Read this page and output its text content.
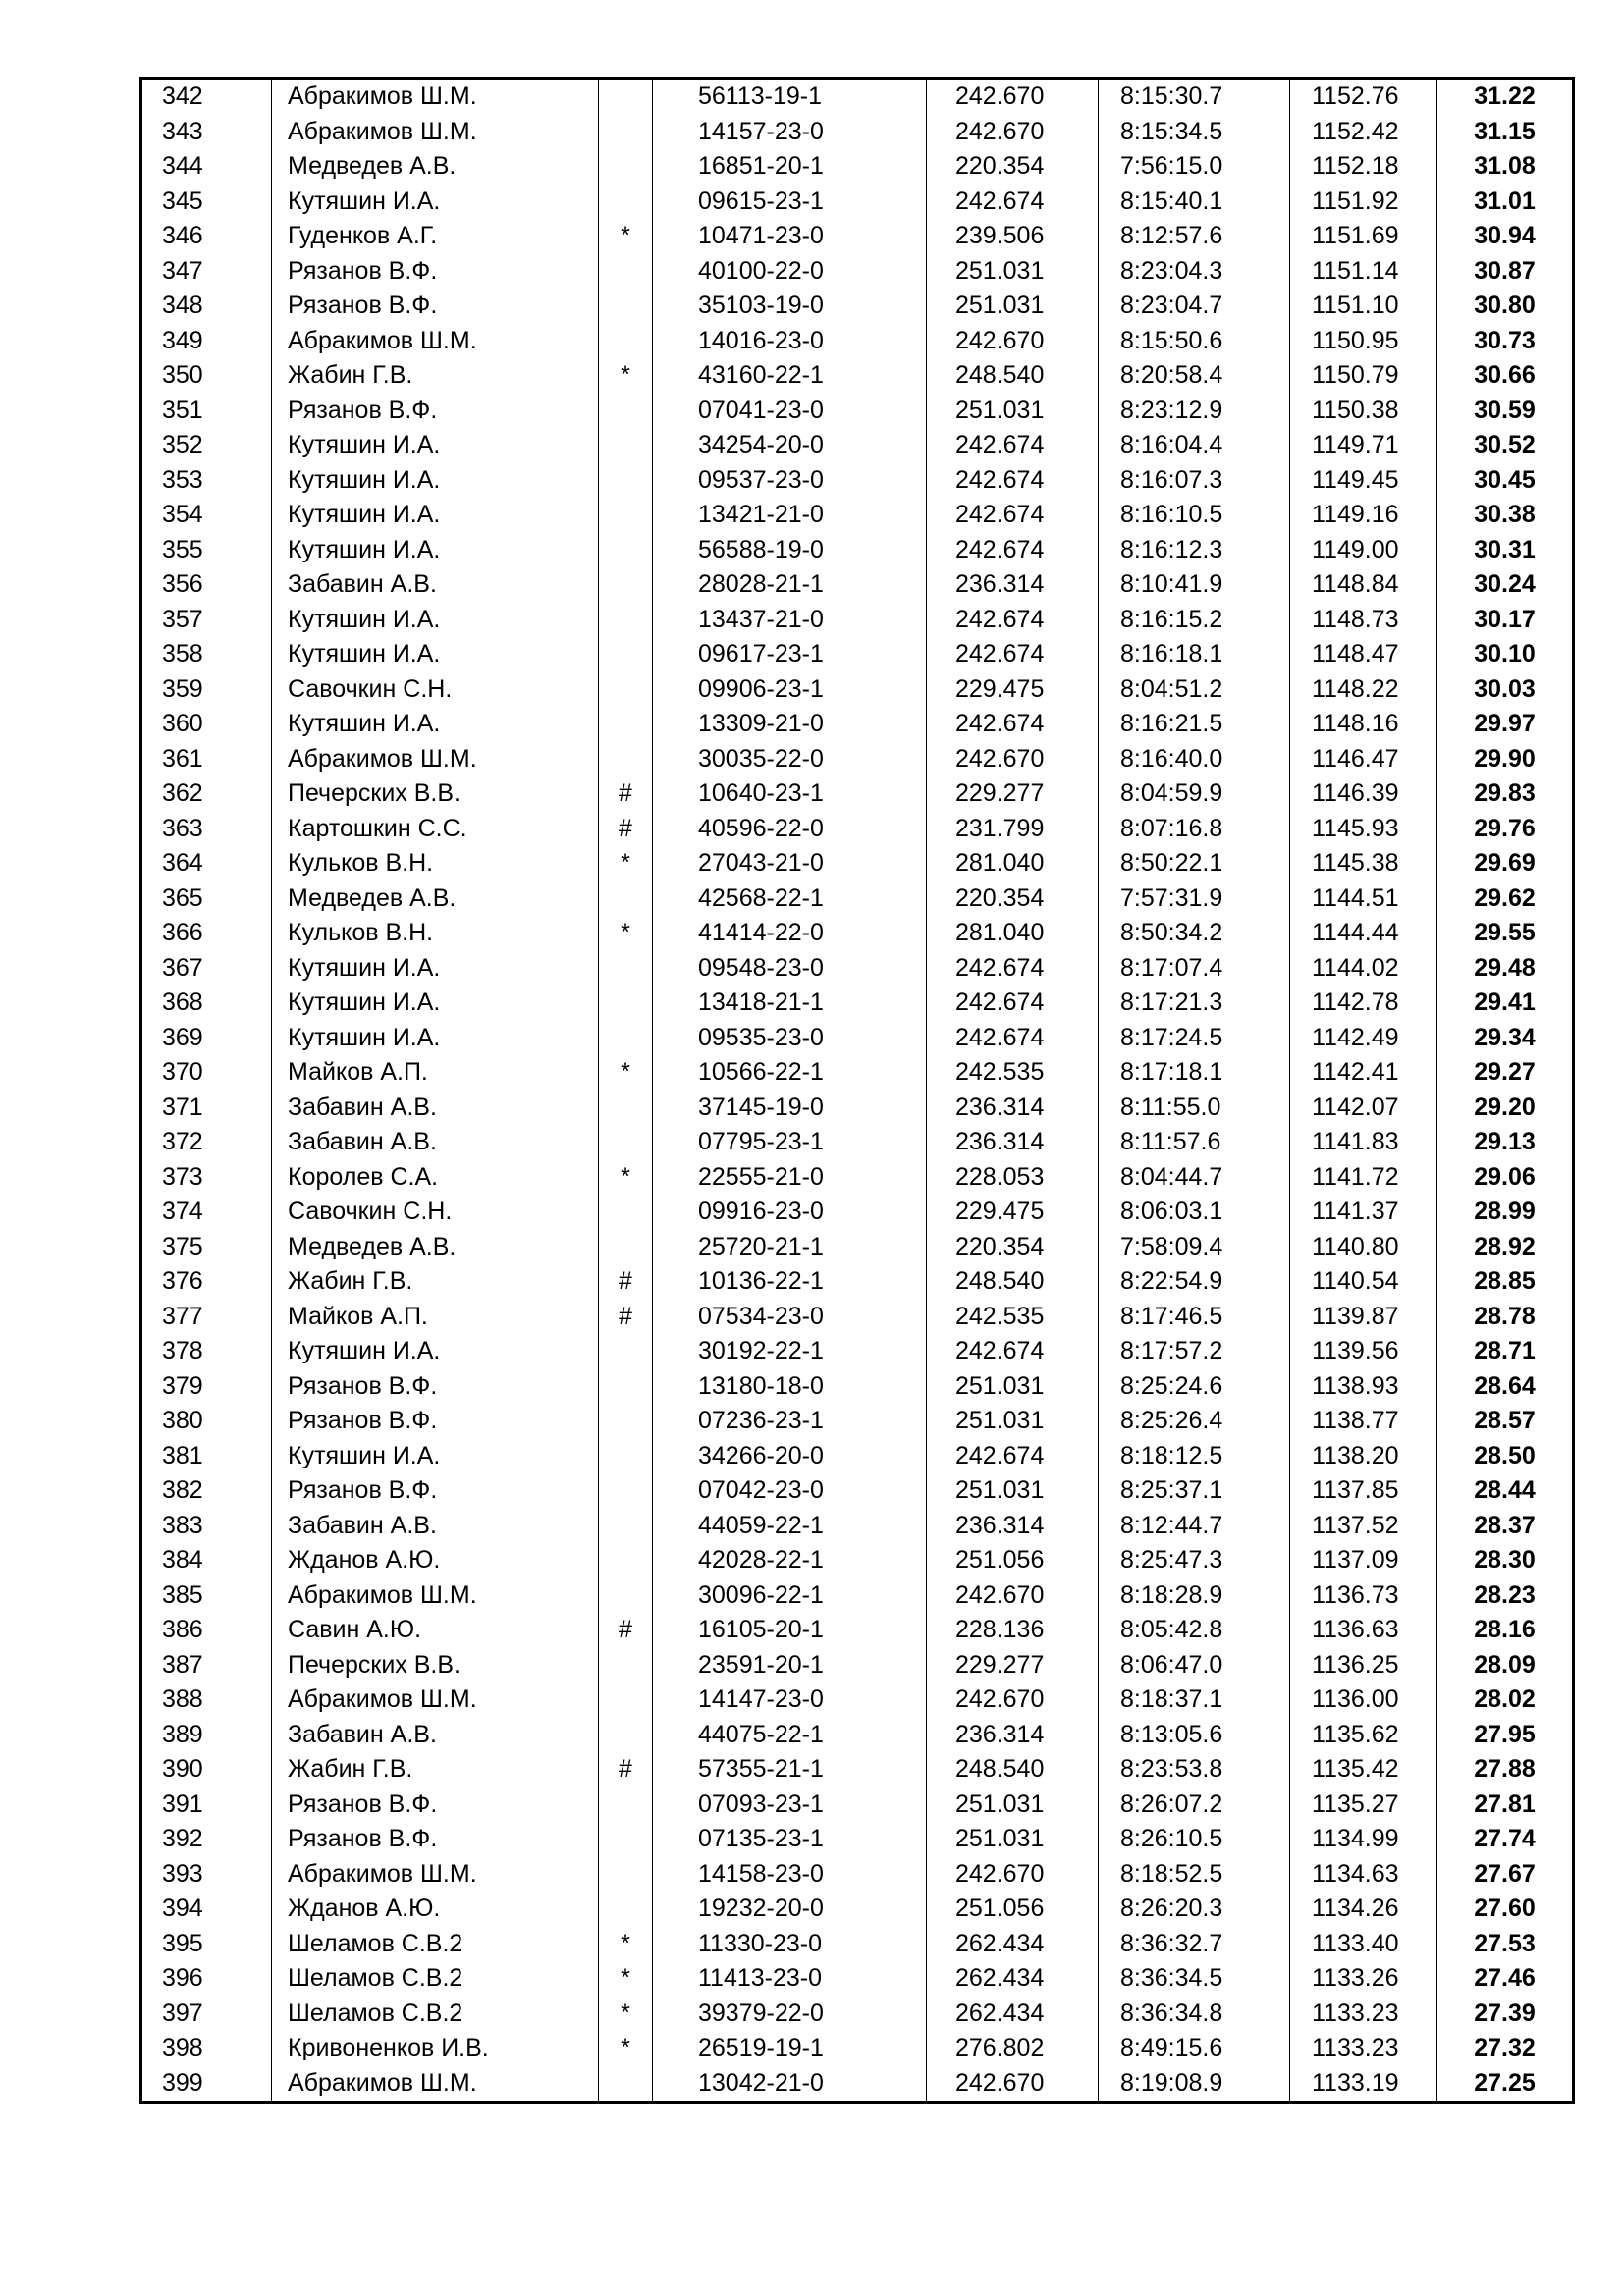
342	Абракимов Ш.М.		56113-19-1	242.670	8:15:30.7	1152.76	31.22
343	Абракимов Ш.М.		14157-23-0	242.670	8:15:34.5	1152.42	31.15
344	Медведев А.В.		16851-20-1	220.354	7:56:15.0	1152.18	31.08
345	Кутяшин И.А.		09615-23-1	242.674	8:15:40.1	1151.92	31.01
346	Гуденков А.Г.	*	10471-23-0	239.506	8:12:57.6	1151.69	30.94
347	Рязанов В.Ф.		40100-22-0	251.031	8:23:04.3	1151.14	30.87
348	Рязанов В.Ф.		35103-19-0	251.031	8:23:04.7	1151.10	30.80
349	Абракимов Ш.М.		14016-23-0	242.670	8:15:50.6	1150.95	30.73
350	Жабин Г.В.	*	43160-22-1	248.540	8:20:58.4	1150.79	30.66
351	Рязанов В.Ф.		07041-23-0	251.031	8:23:12.9	1150.38	30.59
352	Кутяшин И.А.		34254-20-0	242.674	8:16:04.4	1149.71	30.52
353	Кутяшин И.А.		09537-23-0	242.674	8:16:07.3	1149.45	30.45
354	Кутяшин И.А.		13421-21-0	242.674	8:16:10.5	1149.16	30.38
355	Кутяшин И.А.		56588-19-0	242.674	8:16:12.3	1149.00	30.31
356	Забавин А.В.		28028-21-1	236.314	8:10:41.9	1148.84	30.24
357	Кутяшин И.А.		13437-21-0	242.674	8:16:15.2	1148.73	30.17
358	Кутяшин И.А.		09617-23-1	242.674	8:16:18.1	1148.47	30.10
359	Савочкин С.Н.		09906-23-1	229.475	8:04:51.2	1148.22	30.03
360	Кутяшин И.А.		13309-21-0	242.674	8:16:21.5	1148.16	29.97
361	Абракимов Ш.М.		30035-22-0	242.670	8:16:40.0	1146.47	29.90
362	Печерских В.В.	#	10640-23-1	229.277	8:04:59.9	1146.39	29.83
363	Картошкин С.С.	#	40596-22-0	231.799	8:07:16.8	1145.93	29.76
364	Кульков В.Н.	*	27043-21-0	281.040	8:50:22.1	1145.38	29.69
365	Медведев А.В.		42568-22-1	220.354	7:57:31.9	1144.51	29.62
366	Кульков В.Н.	*	41414-22-0	281.040	8:50:34.2	1144.44	29.55
367	Кутяшин И.А.		09548-23-0	242.674	8:17:07.4	1144.02	29.48
368	Кутяшин И.А.		13418-21-1	242.674	8:17:21.3	1142.78	29.41
369	Кутяшин И.А.		09535-23-0	242.674	8:17:24.5	1142.49	29.34
370	Майков А.П.	*	10566-22-1	242.535	8:17:18.1	1142.41	29.27
371	Забавин А.В.		37145-19-0	236.314	8:11:55.0	1142.07	29.20
372	Забавин А.В.		07795-23-1	236.314	8:11:57.6	1141.83	29.13
373	Королев С.А.	*	22555-21-0	228.053	8:04:44.7	1141.72	29.06
374	Савочкин С.Н.		09916-23-0	229.475	8:06:03.1	1141.37	28.99
375	Медведев А.В.		25720-21-1	220.354	7:58:09.4	1140.80	28.92
376	Жабин Г.В.	#	10136-22-1	248.540	8:22:54.9	1140.54	28.85
377	Майков А.П.	#	07534-23-0	242.535	8:17:46.5	1139.87	28.78
378	Кутяшин И.А.		30192-22-1	242.674	8:17:57.2	1139.56	28.71
379	Рязанов В.Ф.		13180-18-0	251.031	8:25:24.6	1138.93	28.64
380	Рязанов В.Ф.		07236-23-1	251.031	8:25:26.4	1138.77	28.57
381	Кутяшин И.А.		34266-20-0	242.674	8:18:12.5	1138.20	28.50
382	Рязанов В.Ф.		07042-23-0	251.031	8:25:37.1	1137.85	28.44
383	Забавин А.В.		44059-22-1	236.314	8:12:44.7	1137.52	28.37
384	Жданов А.Ю.		42028-22-1	251.056	8:25:47.3	1137.09	28.30
385	Абракимов Ш.М.		30096-22-1	242.670	8:18:28.9	1136.73	28.23
386	Савин А.Ю.	#	16105-20-1	228.136	8:05:42.8	1136.63	28.16
387	Печерских В.В.		23591-20-1	229.277	8:06:47.0	1136.25	28.09
388	Абракимов Ш.М.		14147-23-0	242.670	8:18:37.1	1136.00	28.02
389	Забавин А.В.		44075-22-1	236.314	8:13:05.6	1135.62	27.95
390	Жабин Г.В.	#	57355-21-1	248.540	8:23:53.8	1135.42	27.88
391	Рязанов В.Ф.		07093-23-1	251.031	8:26:07.2	1135.27	27.81
392	Рязанов В.Ф.		07135-23-1	251.031	8:26:10.5	1134.99	27.74
393	Абракимов Ш.М.		14158-23-0	242.670	8:18:52.5	1134.63	27.67
394	Жданов А.Ю.		19232-20-0	251.056	8:26:20.3	1134.26	27.60
395	Шеламов С.В.2	*	11330-23-0	262.434	8:36:32.7	1133.40	27.53
396	Шеламов С.В.2	*	11413-23-0	262.434	8:36:34.5	1133.26	27.46
397	Шеламов С.В.2	*	39379-22-0	262.434	8:36:34.8	1133.23	27.39
398	Кривоненков И.В.	*	26519-19-1	276.802	8:49:15.6	1133.23	27.32
399	Абракимов Ш.М.		13042-21-0	242.670	8:19:08.9	1133.19	27.25
